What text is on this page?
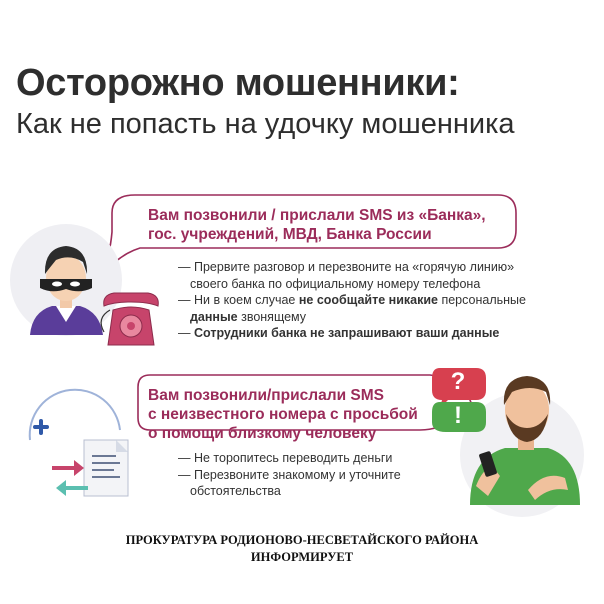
Осторожно мошенники:
Как не попасть на удочку мошенника
?
!
Вам позвонили / прислали SMS из «Банка»,
гос. учреждений, МВД, Банка России
— Прервите разговор и перезвоните на «горячую линию» своего банка по официальному номеру телефона
— Ни в коем случае не сообщайте никакие персональные данные звонящему
— Сотрудники банка не запрашивают ваши данные
Вам позвонили/прислали SMS
с неизвестного номера с просьбой
о помощи близкому человеку
— Не торопитесь переводить деньги
— Перезвоните знакомому и уточните обстоятельства
ПРОКУРАТУРА РОДИОНОВО-НЕСВЕТАЙСКОГО РАЙОНА
ИНФОРМИРУЕТ
